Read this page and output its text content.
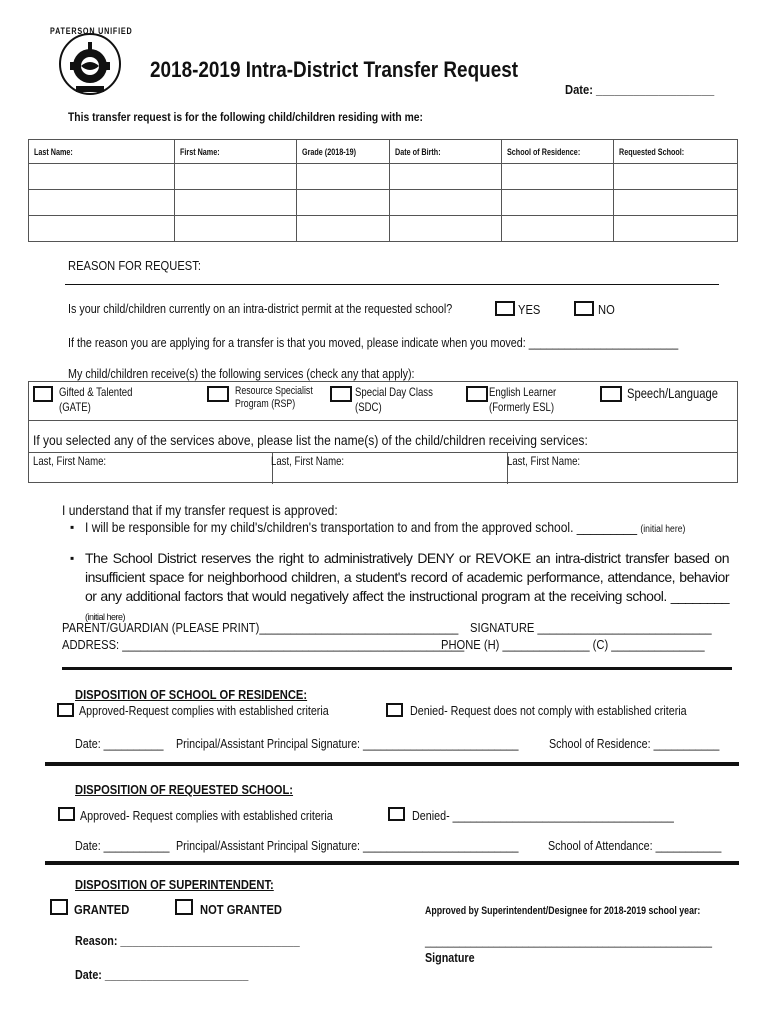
PATERSON UNIFIED
2018-2019 Intra-District Transfer Request
Date: ___________________
This transfer request is for the following child/children residing with me:
Last Name:	First Name:	Grade (2018-19)	Date of Birth:	School of Residence:	Requested School:

REASON FOR REQUEST:
Is your child/children currently on an intra-district permit at the requested school?	YES	NO
If the reason you are applying for a transfer is that you moved, please indicate when you moved: _________________________
My child/children receive(s) the following services (check any that apply):
Gifted & Talented
(GATE)
Resource Specialist
Program (RSP)
Special Day Class
(SDC)
English Learner
(Formerly ESL)
Speech/Language
If you selected any of the services above, please list the name(s) of the child/children receiving services:
Last, First Name:	Last, First Name:	Last, First Name:
I understand that if my transfer request is approved:
▪ I will be responsible for my child's/children's transportation to and from the approved school. _________ (initial here)
▪ The School District reserves the right to administratively DENY or REVOKE an intra-district transfer based on insufficient space for neighborhood children, a student's record of academic performance, attendance, behavior or any additional factors that would negatively affect the instructional program at the receiving school. ________ (initial here)
PARENT/GUARDIAN (PLEASE PRINT)________________________________ SIGNATURE ____________________________
ADDRESS: _______________________________________________________
PHONE (H) ______________ (C) _______________
DISPOSITION OF SCHOOL OF RESIDENCE:
Approved-Request complies with established criteria	Denied- Request does not comply with established criteria
Date: __________ Principal/Assistant Principal Signature: __________________________ School of Residence: ___________
DISPOSITION OF REQUESTED SCHOOL:
Approved- Request complies with established criteria	Denied- _____________________________________
Date: ___________ Principal/Assistant Principal Signature: __________________________ School of Attendance: ___________
DISPOSITION OF SUPERINTENDENT:
GRANTED	NOT GRANTED	Approved by Superintendent/Designee for 2018-2019 school year:
Reason: ______________________________	__________________________________________________
Signature
Date: ________________________
